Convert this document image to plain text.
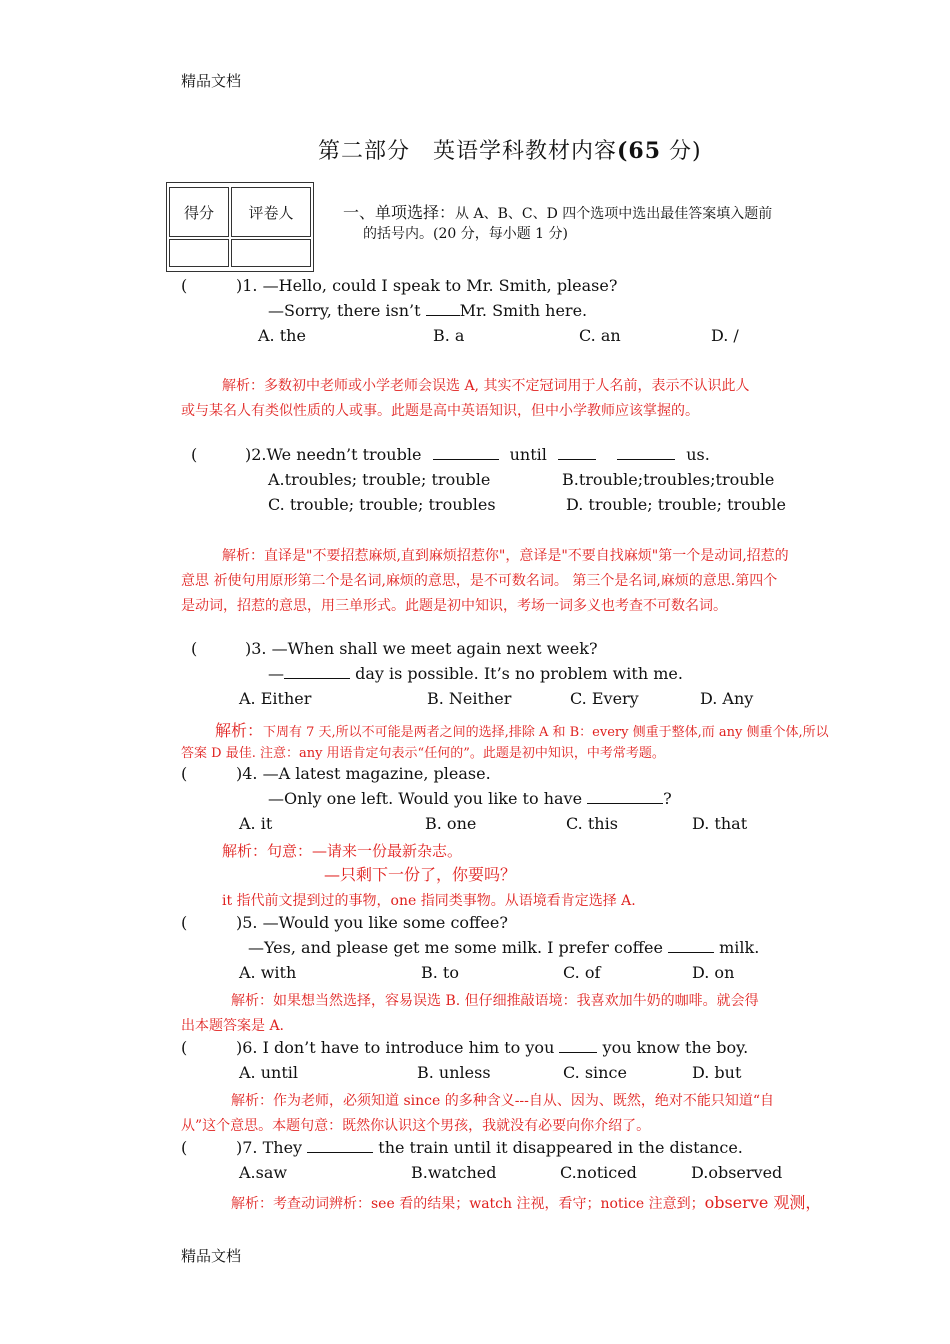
精品文档
精品文档
第二部分　英语学科教材内容(65 分)
得分 评卷人	一、单项选择：从 A、B、C、D 四个选项中选出最佳答案填入题前
的括号内。(20 分，每小题 1 分)
(	)1. —Hello, could I speak to Mr. Smith, please?
—Sorry, there isn’t Mr. Smith here.
A. the	B. a	C. an	D. /
解析：多数初中老师或小学老师会误选 A, 其实不定冠词用于人名前，表示不认识此人
或与某名人有类似性质的人或事。此题是高中英语知识，但中小学教师应该掌握的。
(	)2.We needn’t trouble	until	us.
A.troubles; trouble; trouble	B.trouble;troubles;trouble
C. trouble; trouble; troubles	D. trouble; trouble; trouble
解析：直译是"不要招惹麻烦,直到麻烦招惹你"，意译是"不要自找麻烦"第一个是动词,招惹的
意思 祈使句用原形第二个是名词,麻烦的意思，是不可数名词。 第三个是名词,麻烦的意思.第四个
是动词，招惹的意思，用三单形式。此题是初中知识，考场一词多义也考查不可数名词。
(	)3. —When shall we meet again next week?
—	day is possible. It’s no problem with me.
A. Either	B. Neither	C. Every	D. Any
解析：下周有 7 天,所以不可能是两者之间的选择,排除 A 和 B：every 侧重于整体,而 any 侧重个体,所以
答案 D 最佳. 注意：any 用语肯定句表示“任何的”。此题是初中知识，中考常考题。
(	)4. —A latest magazine, please.
—Only one left. Would you like to have	?
A. it	B. one	C. this	D. that
解析：句意：—请来一份最新杂志。
—只剩下一份了，你要吗？
it 指代前文提到过的事物，one 指同类事物。从语境看肯定选择 A.
(	)5. —Would you like some coffee?
—Yes, and please get me some milk. I prefer coffee	milk.
A. with	B. to	C. of	D. on
解析：如果想当然选择，容易误选 B. 但仔细推敲语境：我喜欢加牛奶的咖啡。就会得
出本题答案是 A.
(	)6. I don’t have to introduce him to you  you know the boy.
A. until	B. unless	C. since	D. but
解析：作为老师，必须知道 since 的多种含义---自从、因为、既然，绝对不能只知道“自
从”这个意思。本题句意：既然你认识这个男孩，我就没有必要向你介绍了。
(	)7. They	the train until it disappeared in the distance.
A.saw	B.watched	C.noticed	D.observed
解析：考查动词辨析：see 看的结果；watch 注视，看守；notice 注意到；observe 观测，
